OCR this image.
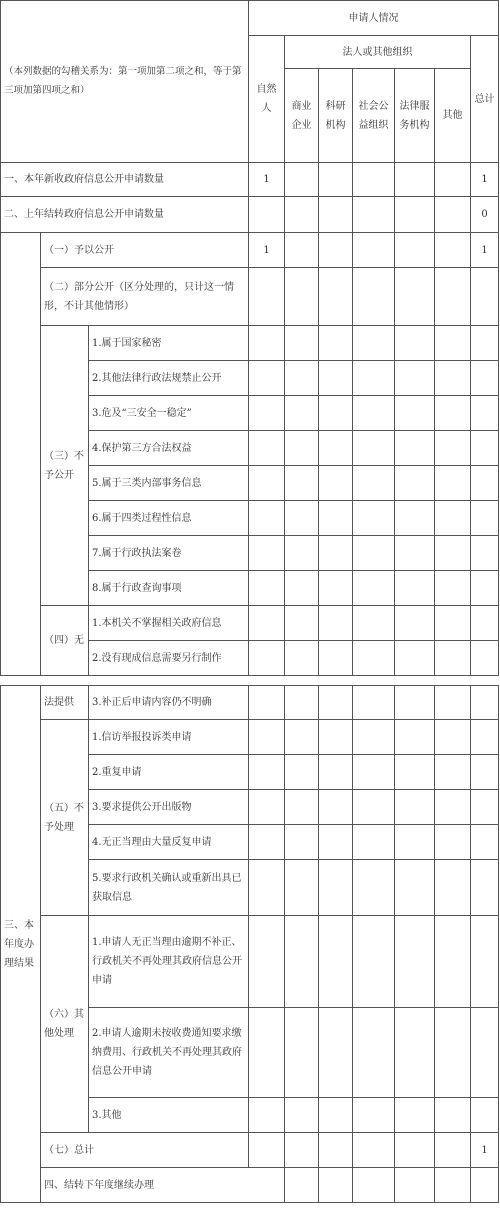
（本列数据的勾稽关系为：第一项加第二项之和，等于第三项加第四项之和）			申请人情况						
			自然人	法人或其他组织					总计
				商业企业	科研机构	社会公益组织	法律服务机构	其他	
一、本年新收政府信息公开申请数量			1						1
二、上年结转政府信息公开申请数量									0
	（一）予以公开		1						1
	（二）部分公开（区分处理的，只计这一情形，不计其他情形）								
	（三）不予公开	1.属于国家秘密							
		2.其他法律行政法规禁止公开							
		3.危及“三安全一稳定”							
		4.保护第三方合法权益							
		5.属于三类内部事务信息							
		6.属于四类过程性信息							
		7.属于行政执法案卷							
		8.属于行政查询事项							
	（四）无	1.本机关不掌握相关政府信息							
		2.没有现成信息需要另行制作							
三、本年度办理结果	法提供	3.补正后申请内容仍不明确								
	（五）不予处理	1.信访举报投诉类申请								
		2.重复申请								
		3.要求提供公开出版物								
		4.无正当理由大量反复申请								
		5.要求行政机关确认或重新出具已获取信息								
	（六）其他处理	1.申请人无正当理由逾期不补正、行政机关不再处理其政府信息公开申请								
		2.申请人逾期未按收费通知要求缴纳费用、行政机关不再处理其政府信息公开申请								
		3.其他								
	（七）总计								1	
	四、结转下年度继续办理							
